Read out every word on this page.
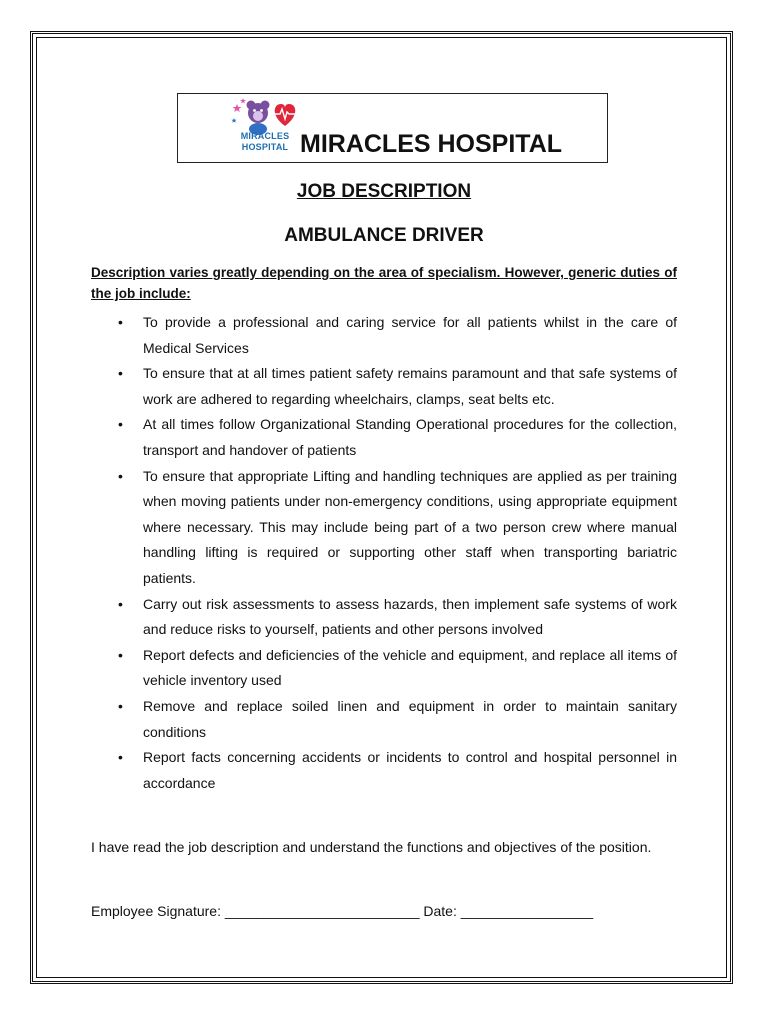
MIRACLES
HOSPITAL MIRACLES HOSPITAL
JOB DESCRIPTION
AMBULANCE DRIVER
Description varies greatly depending on the area of specialism. However, generic duties of the job include:
• To provide a professional and caring service for all patients whilst in the care of Medical Services
• To ensure that at all times patient safety remains paramount and that safe systems of work are adhered to regarding wheelchairs, clamps, seat belts etc.
• At all times follow Organizational Standing Operational procedures for the collection, transport and handover of patients
• To ensure that appropriate Lifting and handling techniques are applied as per training when moving patients under non-emergency conditions, using appropriate equipment where necessary. This may include being part of a two person crew where manual handling lifting is required or supporting other staff when transporting bariatric patients.
• Carry out risk assessments to assess hazards, then implement safe systems of work and reduce risks to yourself, patients and other persons involved
• Report defects and deficiencies of the vehicle and equipment, and replace all items of vehicle inventory used
• Remove and replace soiled linen and equipment in order to maintain sanitary conditions
• Report facts concerning accidents or incidents to control and hospital personnel in accordance
I have read the job description and understand the functions and objectives of the position.
Employee Signature: _________________________ Date: _________________
